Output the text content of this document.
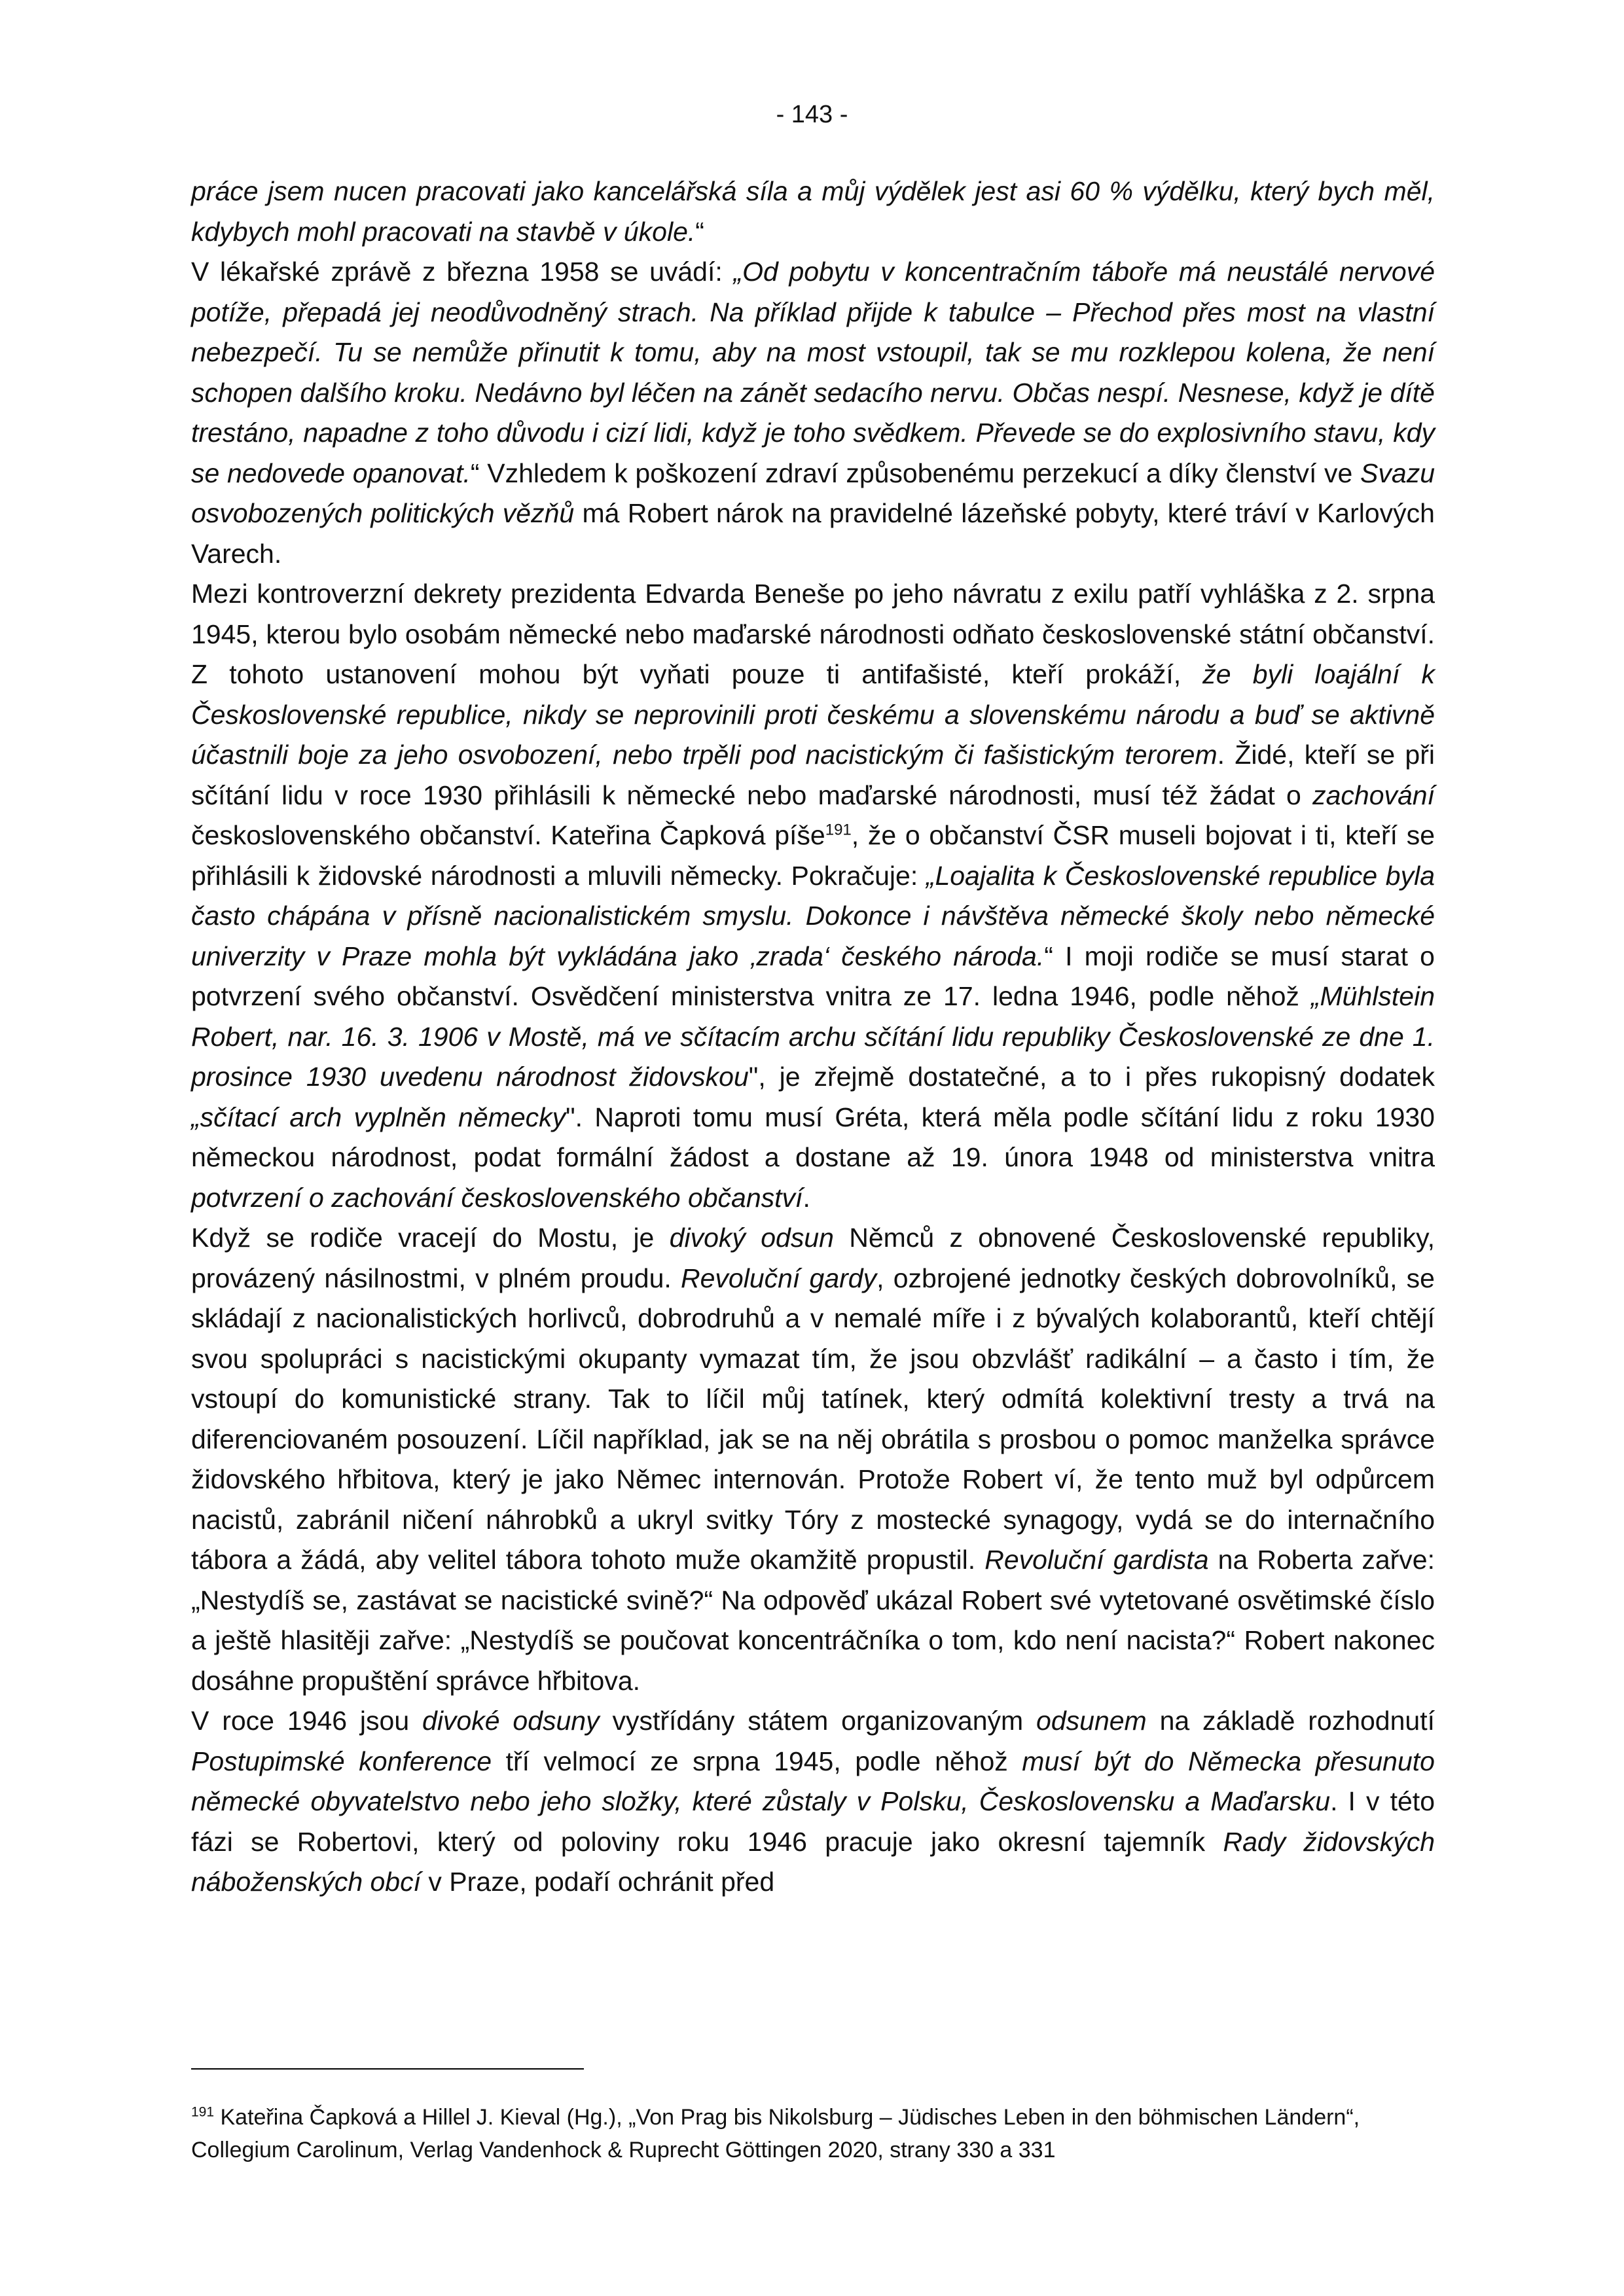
- 143 -

práce jsem nucen pracovati jako kancelářská síla a můj výdělek jest asi 60 % výdělku, který bych měl, kdybych mohl pracovati na stavbě v úkole.“

V lékařské zprávě z března 1958 se uvádí: „Od pobytu v koncentračním táboře má neustálé nervové potíže, přepadá jej neodůvodněný strach. Na příklad přijde k tabulce – Přechod přes most na vlastní nebezpečí. Tu se nemůže přinutit k tomu, aby na most vstoupil, tak se mu rozklepou kolena, že není schopen dalšího kroku. Nedávno byl léčen na zánět sedacího nervu. Občas nespí. Nesnese, když je dítě trestáno, napadne z toho důvodu i cizí lidi, když je toho svědkem. Převede se do explosivního stavu, kdy se nedovede opanovat.“ Vzhledem k poškození zdraví způsobenému perzekucí a díky členství ve Svazu osvobozených politických vězňů má Robert nárok na pravidelné lázeňské pobyty, které tráví v Karlových Varech.

Mezi kontroverzní dekrety prezidenta Edvarda Beneše po jeho návratu z exilu patří vyhláška z 2. srpna 1945, kterou bylo osobám německé nebo maďarské národnosti odňato československé státní občanství. Z tohoto ustanovení mohou být vyňati pouze ti antifašisté, kteří prokáží, že byli loajální k Československé republice, nikdy se neprovinili proti českému a slovenskému národu a buď se aktivně účastnili boje za jeho osvobození, nebo trpěli pod nacistickým či fašistickým terorem. Židé, kteří se při sčítání lidu v roce 1930 přihlásili k německé nebo maďarské národnosti, musí též žádat o zachování československého občanství. Kateřina Čapková píše$^{191}$, že o občanství ČSR museli bojovat i ti, kteří se přihlásili k židovské národnosti a mluvili německy. Pokračuje: „Loajalita k Československé republice byla často chápána v přísně nacionalistickém smyslu. Dokonce i návštěva německé školy nebo německé univerzity v Praze mohla být vykládána jako ‚zrada‘ českého národa.“ I moji rodiče se musí starat o potvrzení svého občanství. Osvědčení ministerstva vnitra ze 17. ledna 1946, podle něhož „Mühlstein Robert, nar. 16. 3. 1906 v Mostě, má ve sčítacím archu sčítání lidu republiky Československé ze dne 1. prosince 1930 uvedenu národnost židovskou", je zřejmě dostatečné, a to i přes rukopisný dodatek „sčítací arch vyplněn německy". Naproti tomu musí Gréta, která měla podle sčítání lidu z roku 1930 německou národnost, podat formální žádost a dostane až 19. února 1948 od ministerstva vnitra potvrzení o zachování československého občanství.

Když se rodiče vracejí do Mostu, je divoký odsun Němců z obnovené Československé republiky, provázený násilnostmi, v plném proudu. Revoluční gardy, ozbrojené jednotky českých dobrovolníků, se skládají z nacionalistických horlivců, dobrodruhů a v nemalé míře i z bývalých kolaborantů, kteří chtějí svou spolupráci s nacistickými okupanty vymazat tím, že jsou obzvlášť radikální – a často i tím, že vstoupí do komunistické strany. Tak to líčil můj tatínek, který odmítá kolektivní tresty a trvá na diferenciovaném posouzení. Líčil například, jak se na něj obrátila s prosbou o pomoc manželka správce židovského hřbitova, který je jako Němec internován. Protože Robert ví, že tento muž byl odpůrcem nacistů, zabránil ničení náhrobků a ukryl svitky Tóry z mostecké synagogy, vydá se do internačního tábora a žádá, aby velitel tábora tohoto muže okamžitě propustil. Revoluční gardista na Roberta zařve: „Nestydíš se, zastávat se nacistické svině?“ Na odpověď ukázal Robert své vytetované osvětimské číslo a ještě hlasitěji zařve: „Nestydíš se poučovat koncentráčníka o tom, kdo není nacista?“ Robert nakonec dosáhne propuštění správce hřbitova.

V roce 1946 jsou divoké odsuny vystřídány státem organizovaným odsunem na základě rozhodnutí Postupimské konference tří velmocí ze srpna 1945, podle něhož musí být do Německa přesunuto německé obyvatelstvo nebo jeho složky, které zůstaly v Polsku, Československu a Maďarsku. I v této fázi se Robertovi, který od poloviny roku 1946 pracuje jako okresní tajemník Rady židovských náboženských obcí v Praze, podaří ochránit před

$^{191}$ Kateřina Čapková a Hillel J. Kieval (Hg.), „Von Prag bis Nikolsburg – Jüdisches Leben in den böhmischen Ländern“, Collegium Carolinum, Verlag Vandenhock & Ruprecht Göttingen 2020, strany 330 a 331
